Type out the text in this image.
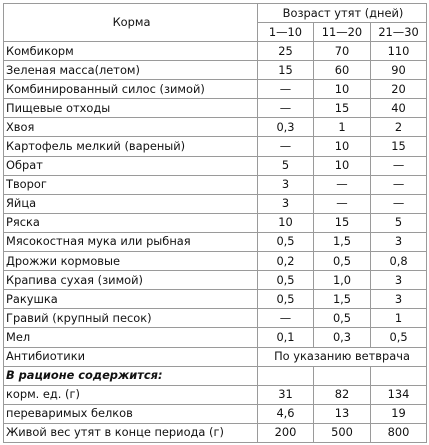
Корма	Возраст утят (дней)		
	1—10	11—20	21—30
Комбикорм	25	70	110
Зеленая масса(летом)	15	60	90
Комбинированный силос (зимой)	—	10	20
Пищевые отходы	—	15	40
Хвоя	0,3	1	2
Картофель мелкий (вареный)	—	10	15
Обрат	5	10	—
Творог	3	—	—
Яйца	3	—	—
Ряска	10	15	5
Мясокостная мука или рыбная	0,5	1,5	3
Дрожжи кормовые	0,2	0,5	0,8
Крапива сухая (зимой)	0,5	1,0	3
Ракушка	0,5	1,5	3
Гравий (крупный песок)	—	0,5	1
Мел	0,1	0,3	0,5
Антибиотики	По указанию ветврача		
В рационе содержится:			
корм. ед. (г)	31	82	134
переваримых белков	4,6	13	19
Живой вес утят в конце периода (г)	200	500	800
